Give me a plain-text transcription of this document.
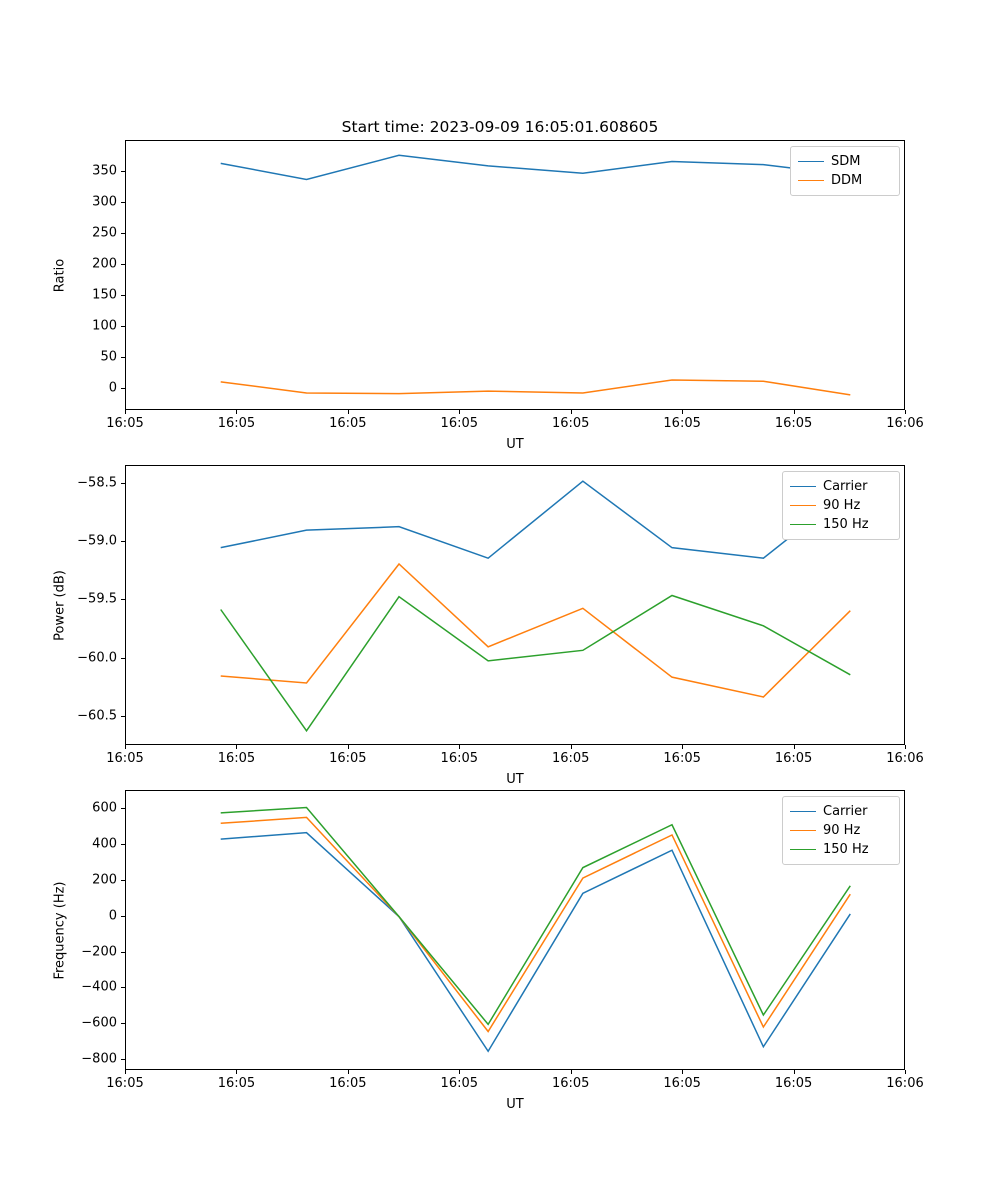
Start time: 2023-09-09 16:05:01.608605
Ratio
UT
SDM
DDM
16:05	16:05	16:05	16:05	16:05	16:05	16:05	16:06
0
50
100
150
200
250
300
350
Power (dB)
UT
Carrier
90 Hz
150 Hz
16:05	16:05	16:05	16:05	16:05	16:05	16:05	16:06
−60.5
−60.0
−59.5
−59.0
−58.5
Frequency (Hz)
UT
Carrier
90 Hz
150 Hz
16:05	16:05	16:05	16:05	16:05	16:05	16:05	16:06
−800
−600
−400
−200
0
200
400
600
